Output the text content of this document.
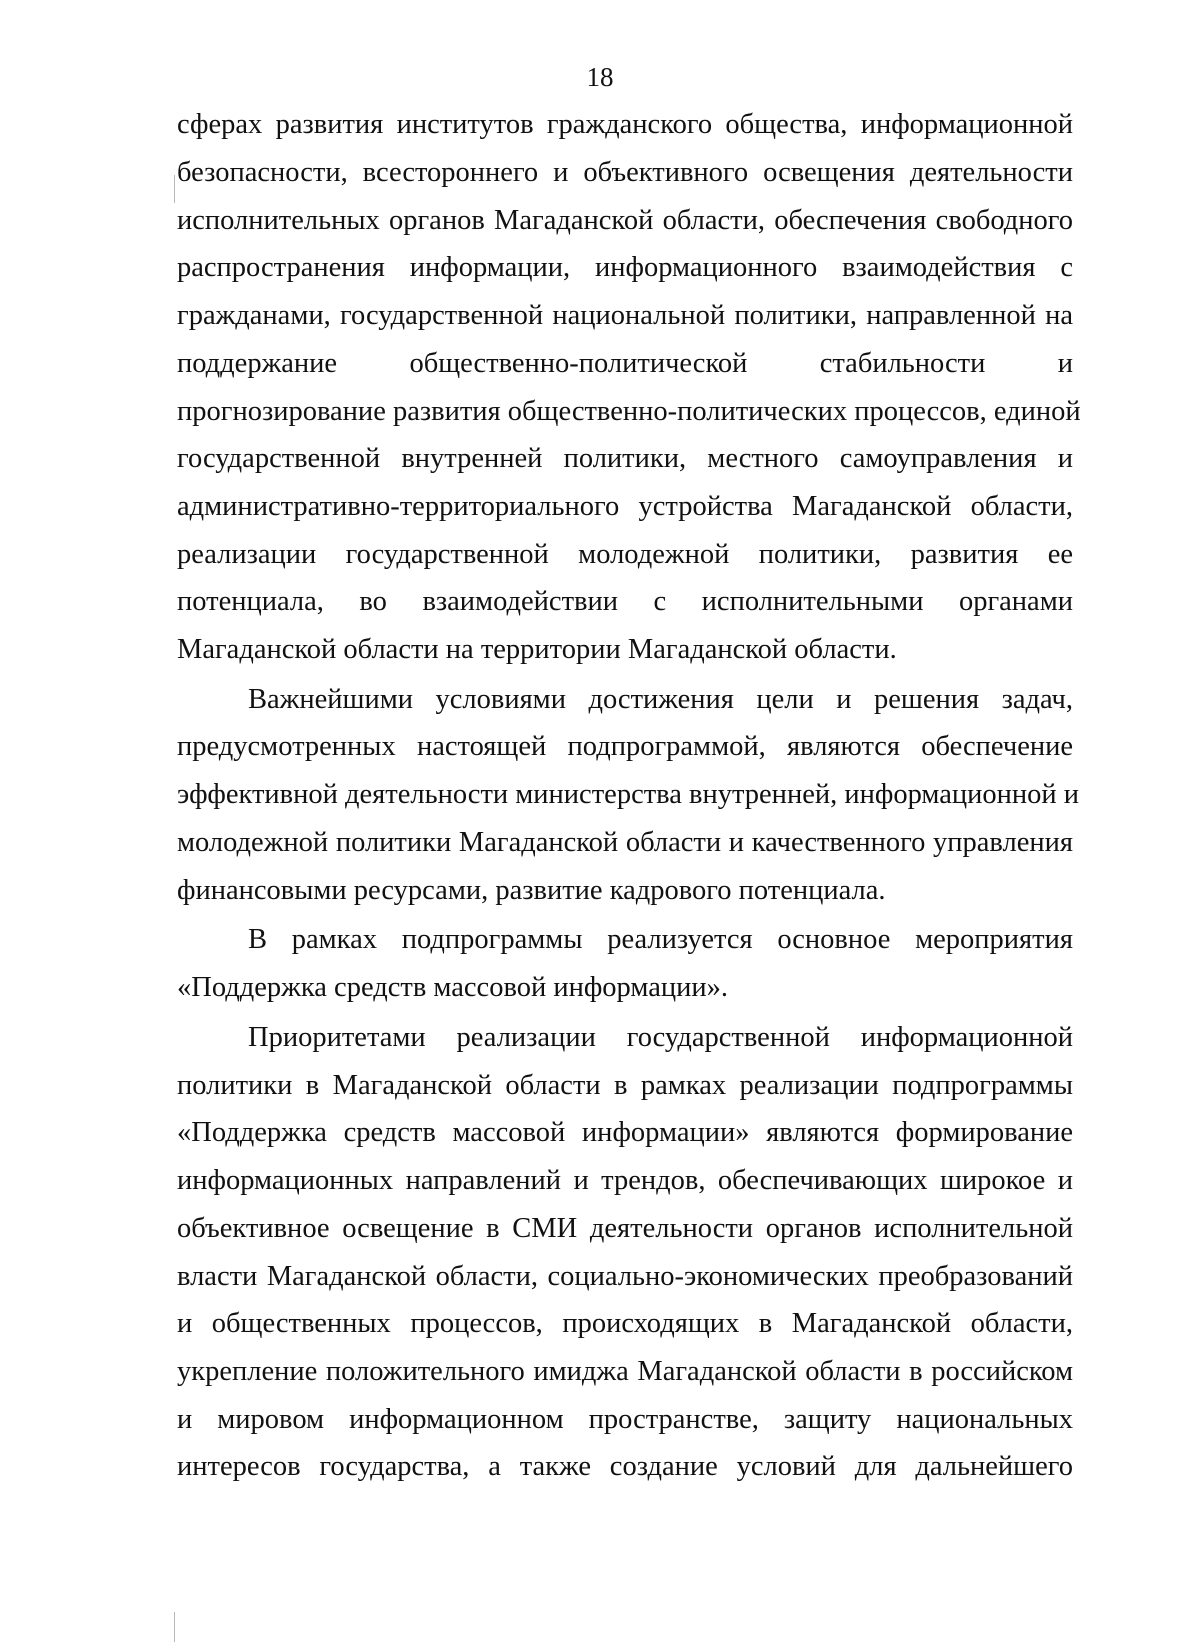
18
сферах развития институтов гражданского общества, информационной
безопасности, всестороннего и объективного освещения деятельности
исполнительных органов Магаданской области, обеспечения свободного
распространения информации, информационного взаимодействия с
гражданами, государственной национальной политики, направленной на
поддержание общественно-политической стабильности и
прогнозирование развития общественно-политических процессов, единой
государственной внутренней политики, местного самоуправления и
административно-территориального устройства Магаданской области,
реализации государственной молодежной политики, развития ее
потенциала, во взаимодействии с исполнительными органами
Магаданской области на территории Магаданской области.
Важнейшими условиями достижения цели и решения задач,
предусмотренных настоящей подпрограммой, являются обеспечение
эффективной деятельности министерства внутренней, информационной и
молодежной политики Магаданской области и качественного управления
финансовыми ресурсами, развитие кадрового потенциала.
В рамках подпрограммы реализуется основное мероприятия
«Поддержка средств массовой информации».
Приоритетами реализации государственной информационной
политики в Магаданской области в рамках реализации подпрограммы
«Поддержка средств массовой информации» являются формирование
информационных направлений и трендов, обеспечивающих широкое и
объективное освещение в СМИ деятельности органов исполнительной
власти Магаданской области, социально-экономических преобразований
и общественных процессов, происходящих в Магаданской области,
укрепление положительного имиджа Магаданской области в российском
и мировом информационном пространстве, защиту национальных
интересов государства, а также создание условий для дальнейшего
